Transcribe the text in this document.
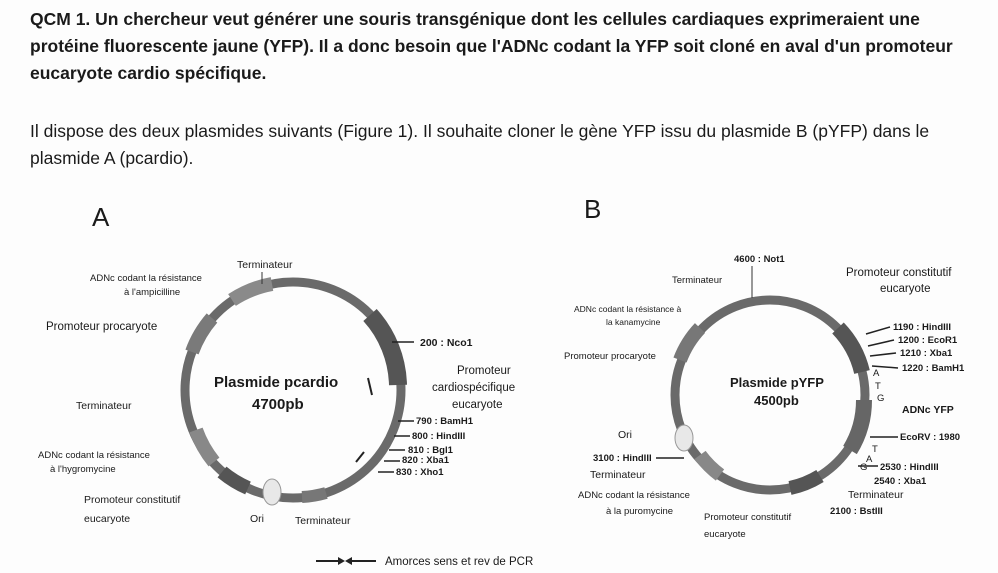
QCM 1. Un chercheur veut générer une souris transgénique dont les cellules cardiaques exprimeraient une protéine fluorescente jaune (YFP). Il a donc besoin que l'ADNc codant la YFP soit cloné en aval d'un promoteur eucaryote cardio spécifique.
Il dispose des deux plasmides suivants (Figure 1). Il souhaite cloner le gène YFP issu du plasmide B (pYFP) dans le plasmide A (pcardio).
A
Terminateur
ADNc codant la résistance
à l'ampicilline
Promoteur procaryote
Terminateur
ADNc codant la résistance
à l'hygromycine
Promoteur constitutif
eucaryote	Ori	Terminateur
Plasmide pcardio
4700pb
200 : Nco1
Promoteur
cardiospécifique
eucaryote
790 : BamH1
800 : HindIII
810 : Bgl1
820 : Xba1
830 : Xho1
B
4600 : Not1
Terminateur
ADNc codant la résistance à
la kanamycine
Promoteur procaryote
Ori
3100 : HindIII
Terminateur
ADNc codant la résistance
à la puromycine
Promoteur constitutif
eucaryote
2100 : BstIII
Terminateur
2540 : Xba1
2530 : HindIII
EcoRV : 1980
ADNc YFP
1220 : BamH1
1210 : Xba1
1200 : EcoR1
1190 : HindIII
Promoteur constitutif
eucaryote
A
T
G
T
A
G
Plasmide pYFP
4500pb
Amorces sens et rev de PCR
